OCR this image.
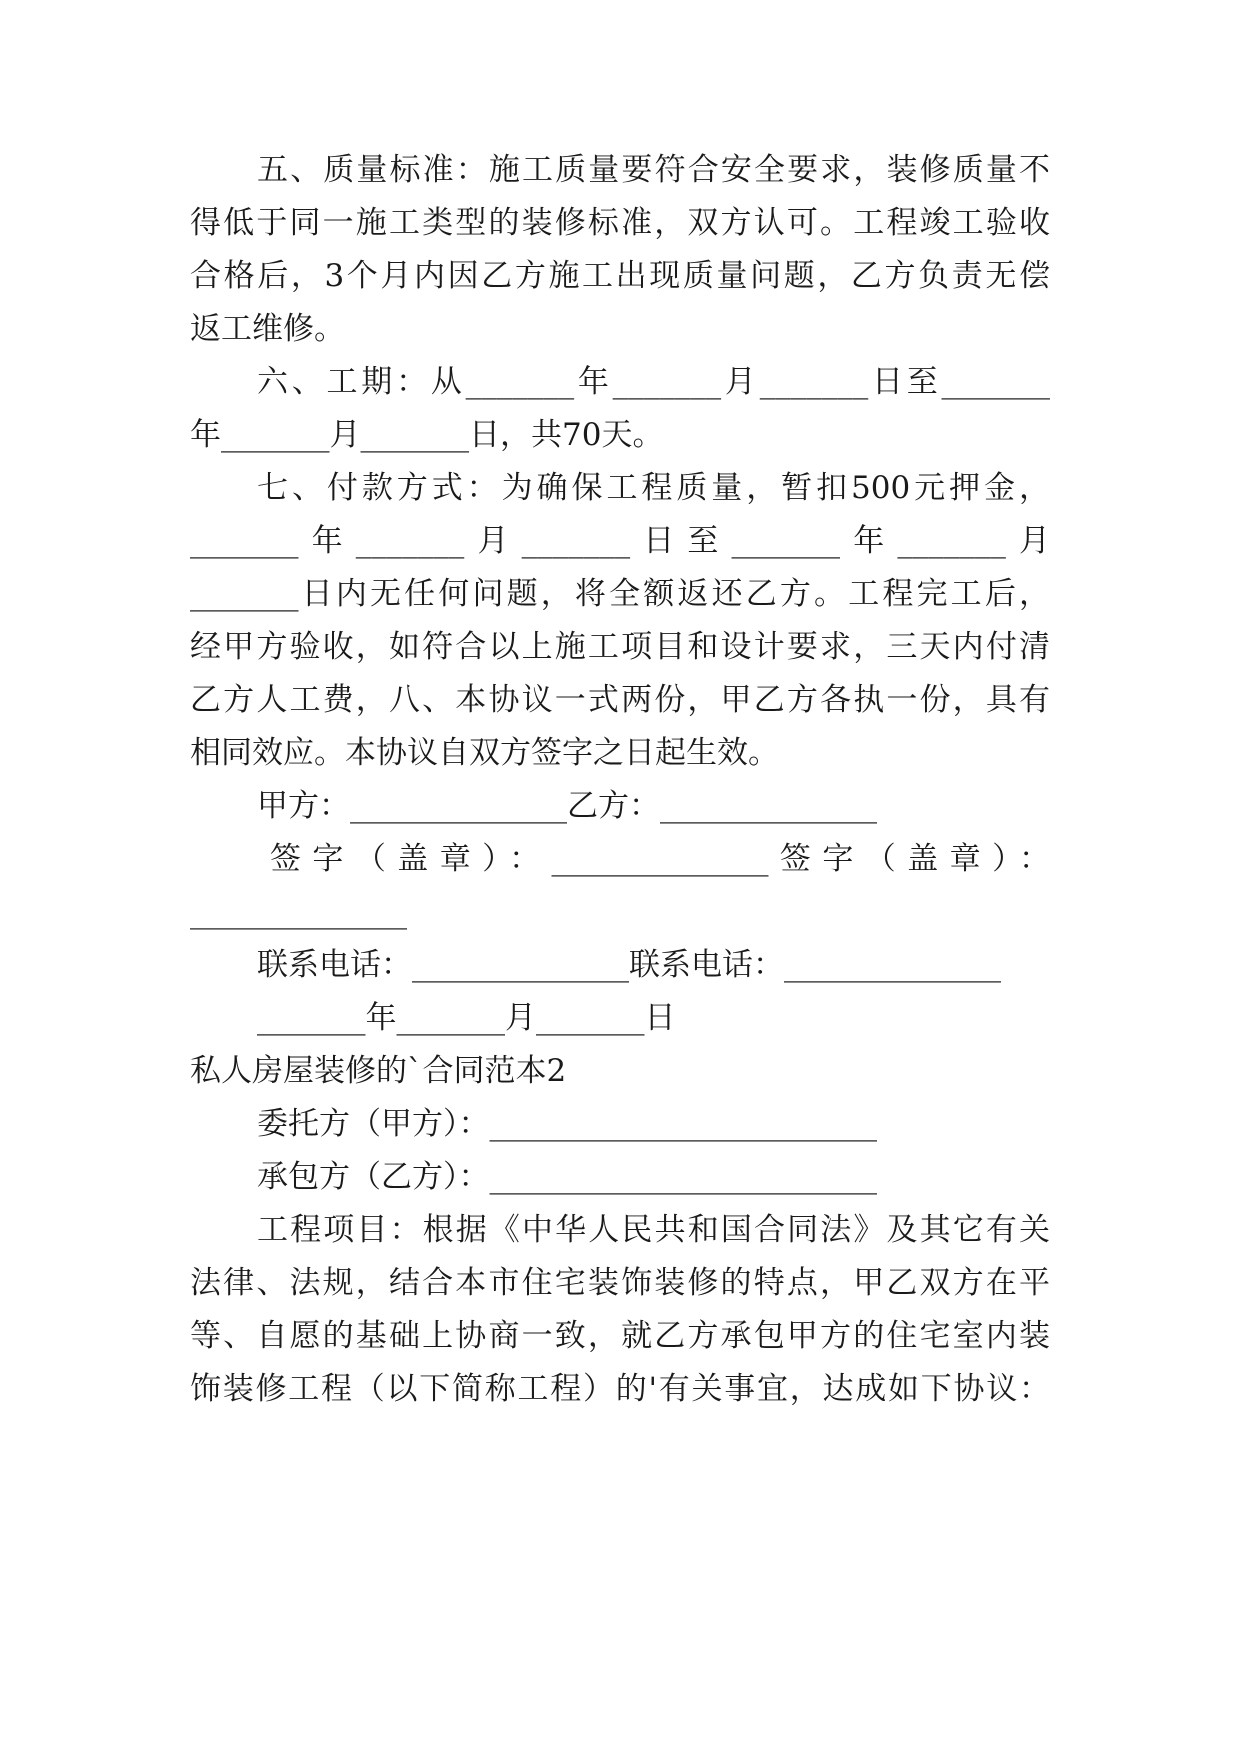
五、质量标准：施工质量要符合安全要求，装修质量不
得低于同一施工类型的装修标准，双方认可。工程竣工验收
合格后，3个月内因乙方施工出现质量问题，乙方负责无偿
返工维修。
六、工期：从_______年_______月_______日至_______
年_______月_______日，共70天。
七、付款方式：为确保工程质量，暂扣500元押金，
_______年_______月_______日至_______年_______月
_______日内无任何问题，将全额返还乙方。工程完工后，
经甲方验收，如符合以上施工项目和设计要求，三天内付清
乙方人工费，八、本协议一式两份，甲乙方各执一份，具有
相同效应。本协议自双方签字之日起生效。
甲方：______________乙方：______________
签字（盖章）：______________签字（盖章）：
______________
联系电话：______________联系电话：______________
_______年_______月_______日
私人房屋装修的`合同范本2
委托方（甲方）：_________________________
承包方（乙方）：_________________________
工程项目：根据《中华人民共和国合同法》及其它有关
法律、法规，结合本市住宅装饰装修的特点，甲乙双方在平
等、自愿的基础上协商一致，就乙方承包甲方的住宅室内装
饰装修工程（以下简称工程）的'有关事宜，达成如下协议：
